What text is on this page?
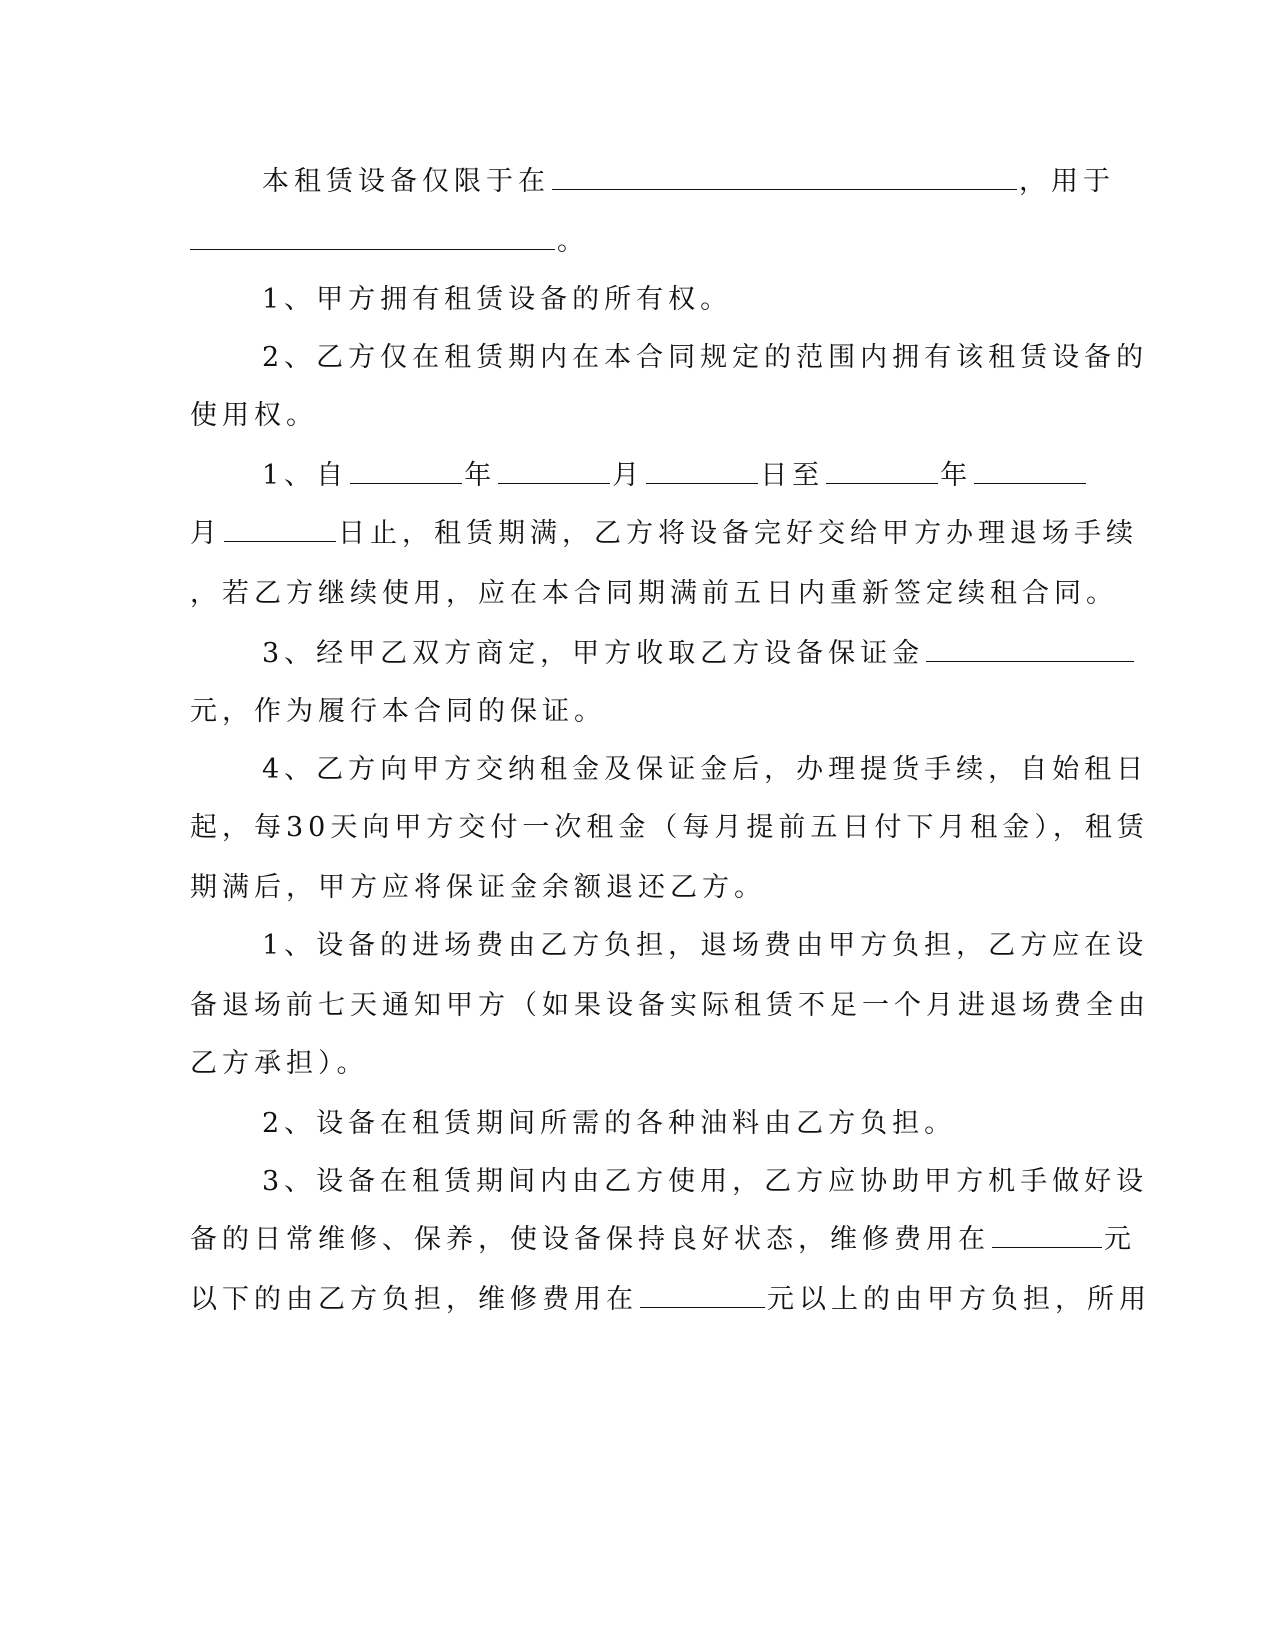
本租赁设备仅限于在	，用于
。
1、甲方拥有租赁设备的所有权。
2、乙方仅在租赁期内在本合同规定的范围内拥有该租赁设备的
使用权。
1、自	年	月	日至	年
月	日止，租赁期满，乙方将设备完好交给甲方办理退场手续
，若乙方继续使用，应在本合同期满前五日内重新签定续租合同。
3、经甲乙双方商定，甲方收取乙方设备保证金
元，作为履行本合同的保证。
4、乙方向甲方交纳租金及保证金后，办理提货手续，自始租日
起，每30天向甲方交付一次租金（每月提前五日付下月租金），租赁
期满后，甲方应将保证金余额退还乙方。
1、设备的进场费由乙方负担，退场费由甲方负担，乙方应在设
备退场前七天通知甲方（如果设备实际租赁不足一个月进退场费全由
乙方承担）。
2、设备在租赁期间所需的各种油料由乙方负担。
3、设备在租赁期间内由乙方使用，乙方应协助甲方机手做好设
备的日常维修、保养，使设备保持良好状态，维修费用在	元
以下的由乙方负担，维修费用在	元以上的由甲方负担，所用
